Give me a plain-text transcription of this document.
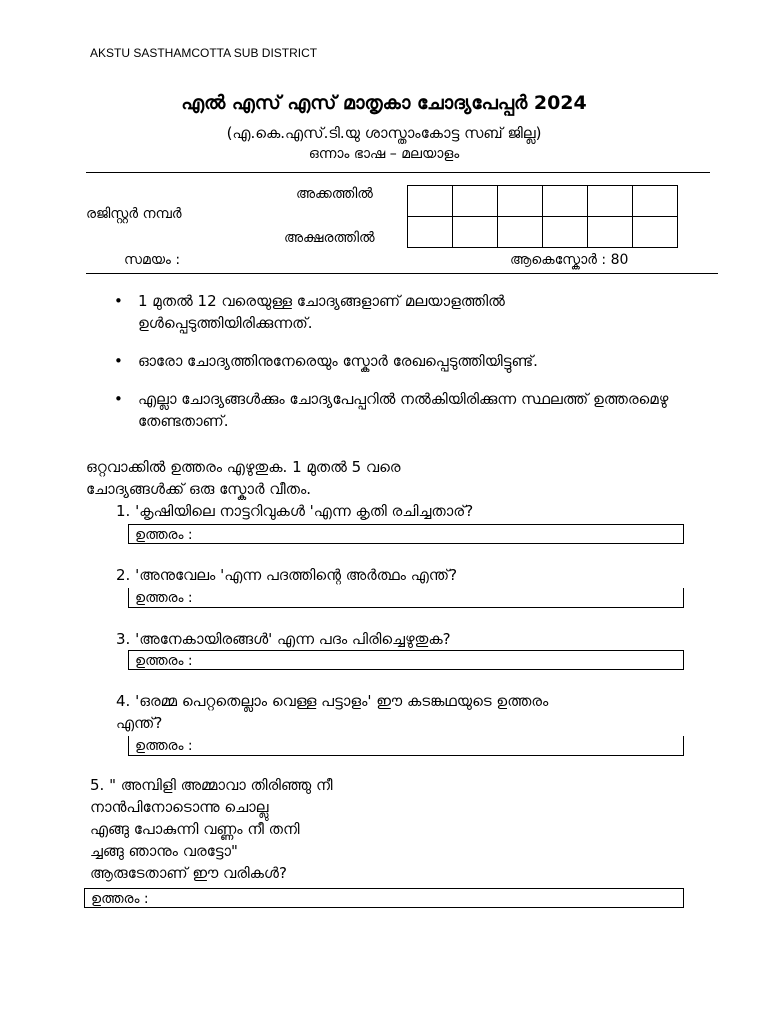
AKSTU SASTHAMCOTTA SUB DISTRICT
എൽ എസ് എസ് മാതൃകാ ചോദ്യപേപ്പർ 2024
(എ.കെ.എസ്.ടി.യു ശാസ്താംകോട്ട സബ് ജില്ല)
ഒന്നാം ഭാഷ – മലയാളം
രജിസ്റ്റർ നമ്പർ
അക്കത്തിൽ
അക്ഷരത്തിൽ

സമയം :	ആകെസ്കോർ : 80
• 1 മുതൽ 12 വരെയുള്ള ചോദ്യങ്ങളാണ് മലയാളത്തിൽ ഉൾപ്പെടുത്തിയിരിക്കുന്നത്.
• ഓരോ ചോദ്യത്തിനുനേരെയും സ്കോർ രേഖപ്പെടുത്തിയിട്ടുണ്ട്.
• എല്ലാ ചോദ്യങ്ങൾക്കും ചോദ്യപേപ്പറിൽ നൽകിയിരിക്കുന്ന സ്ഥലത്ത് ഉത്തരമെഴു തേണ്ടതാണ്.
ഒറ്റവാക്കിൽ ഉത്തരം എഴുതുക. 1 മുതൽ 5 വരെ
ചോദ്യങ്ങൾക്ക് ഒരു സ്കോർ വീതം.
1. 'കൃഷിയിലെ നാട്ടറിവുകൾ 'എന്ന കൃതി രചിച്ചതാര്?
ഉത്തരം :
2. 'അനുവേലം 'എന്ന പദത്തിന്റെ അർത്ഥം എന്ത്?
ഉത്തരം :
3. 'അനേകായിരങ്ങൾ' എന്ന പദം പിരിച്ചെഴുതുക?
ഉത്തരം :
4. 'ഒരമ്മ പെറ്റതെല്ലാം വെള്ള പട്ടാളം' ഈ കടങ്കഥയുടെ ഉത്തരം
എന്ത്?
ഉത്തരം :
5. " അമ്പിളി അമ്മാവാ തിരിഞ്ഞു നീ
നാൻപിനോടൊന്നു ചൊല്ലു
എങ്ങു പോകുന്നി വണ്ണം നീ തനി
ച്ചങ്ങു ഞാനും വരട്ടോ"
ആരുടേതാണ് ഈ വരികൾ?
ഉത്തരം :
